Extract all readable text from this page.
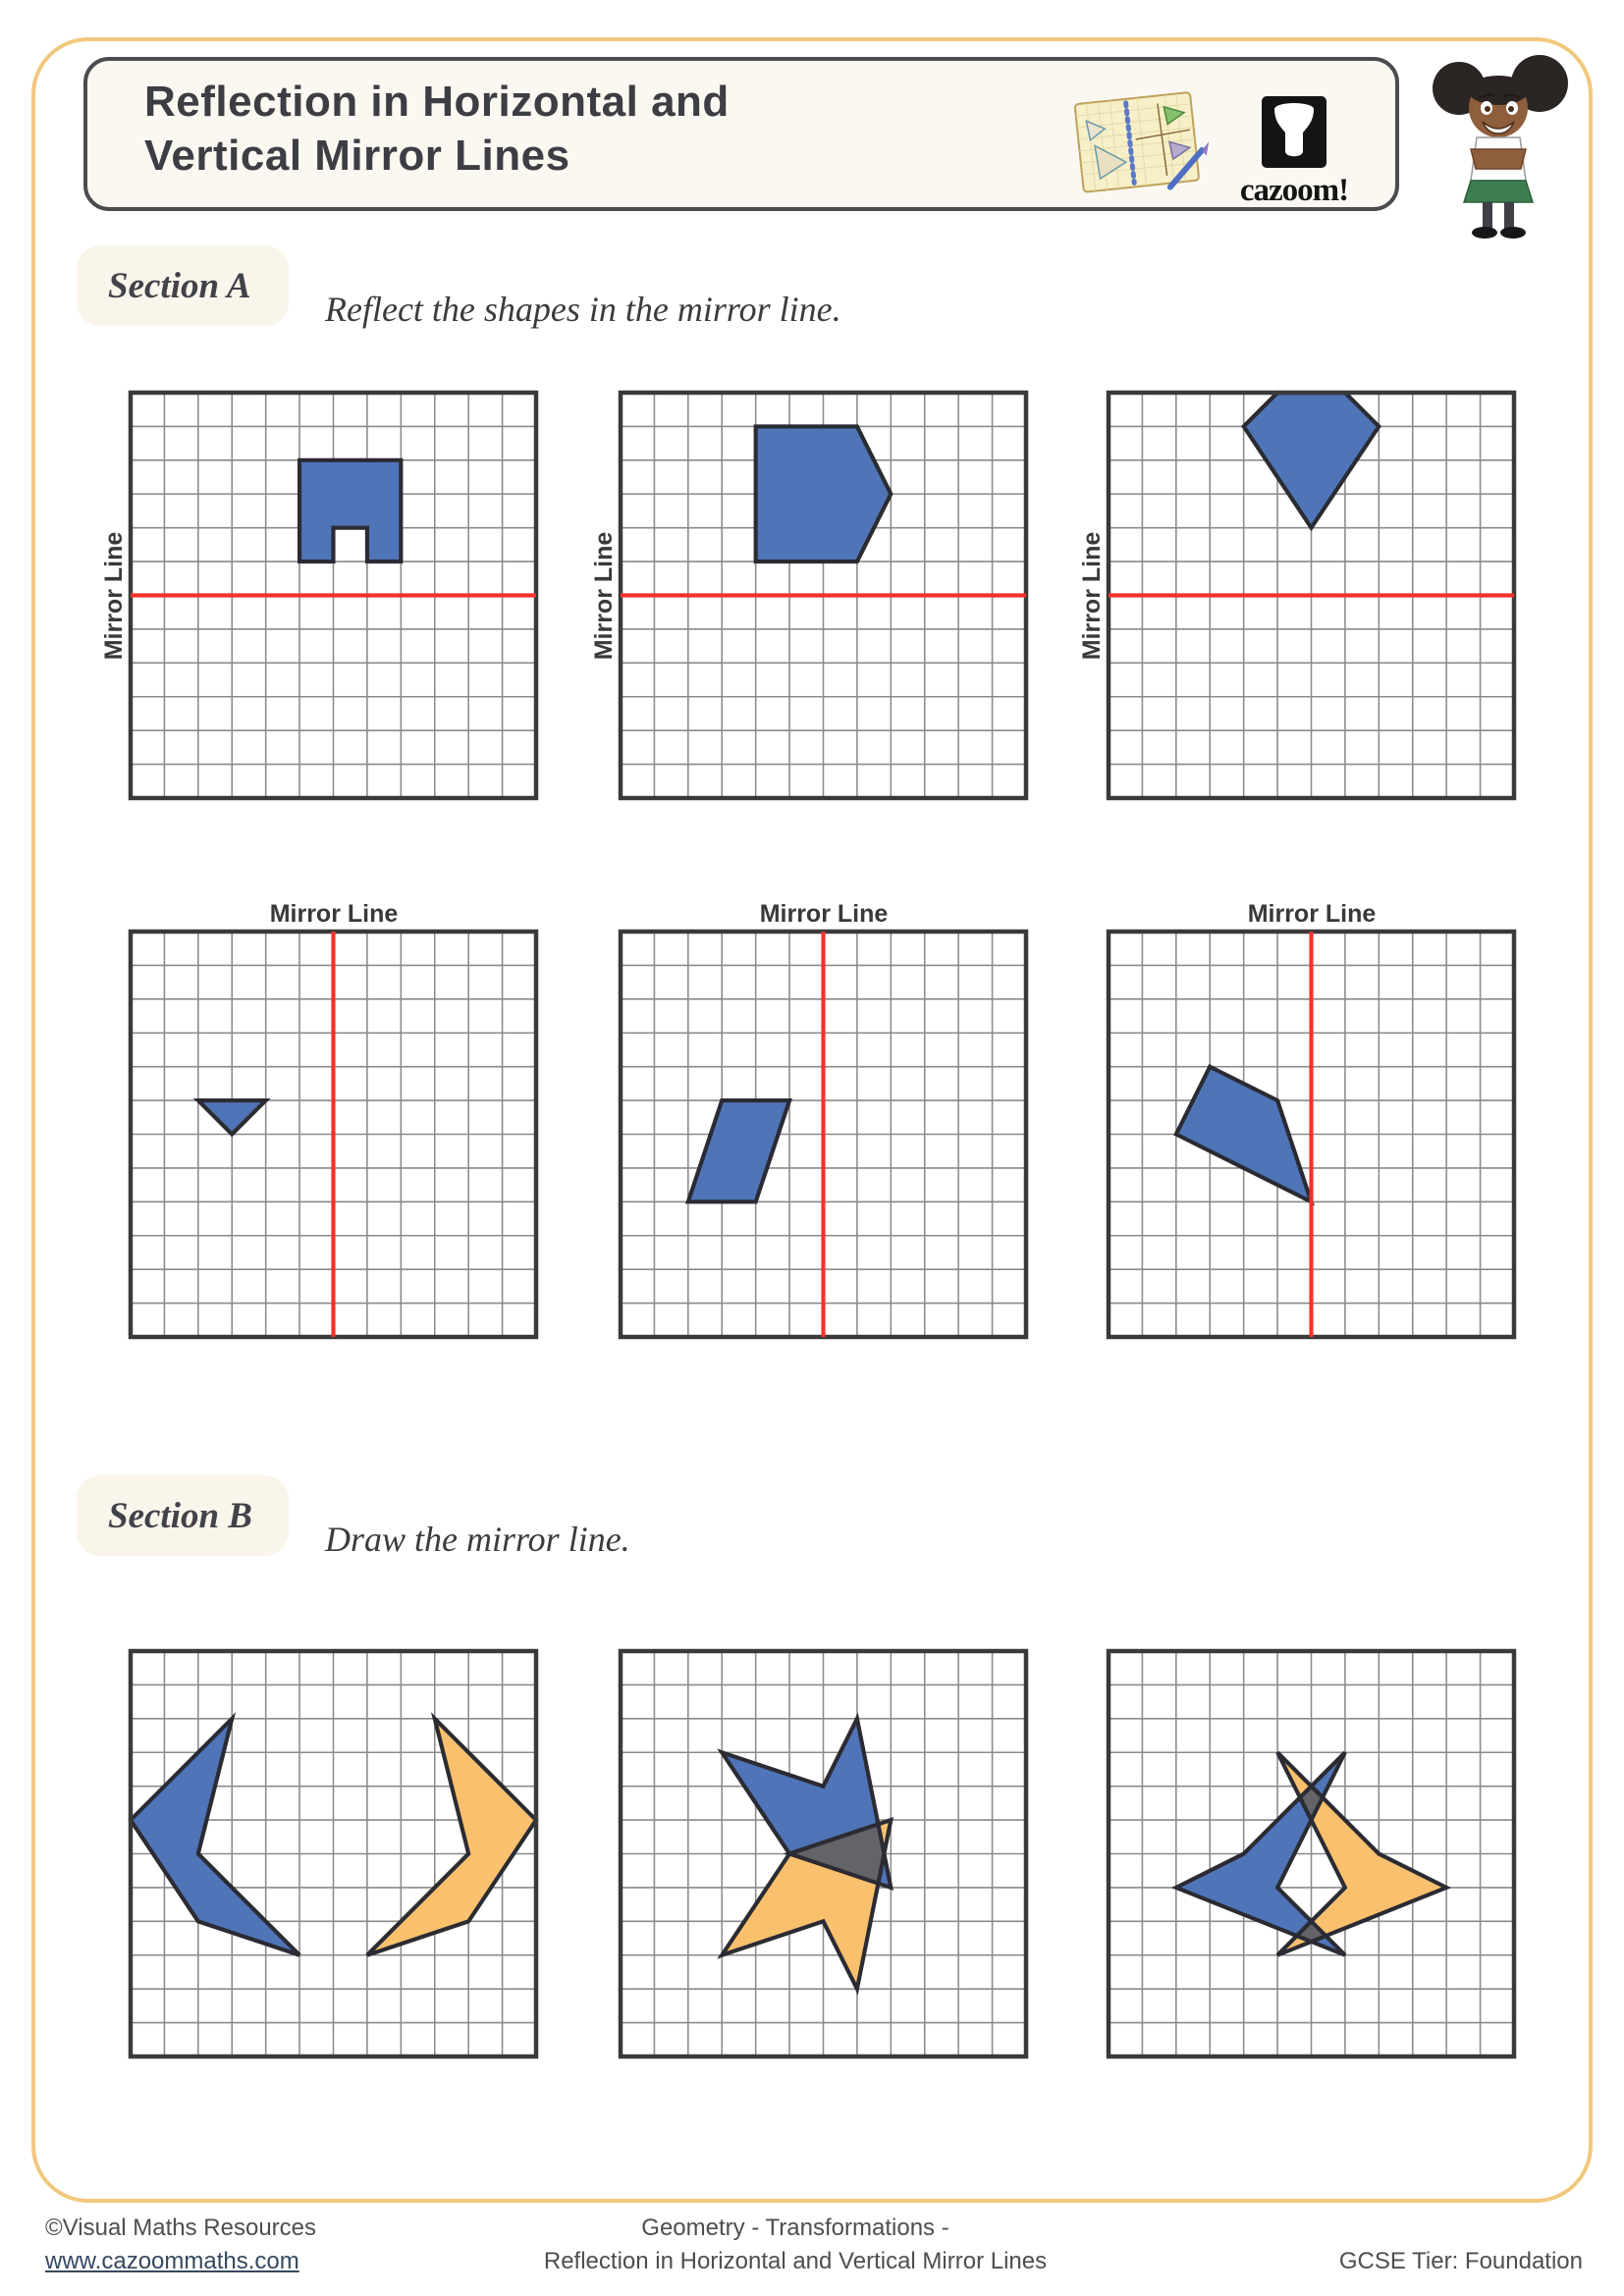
Reflection in Horizontal and
Vertical Mirror Lines
cazoom!
Section A
Reflect the shapes in the mirror line.
Section B
Draw the mirror line.
Mirror Line	Mirror Line	Mirror Line
Mirror Line	Mirror Line	Mirror Line
©Visual Maths Resources
www.cazoommaths.com
Geometry - Transformations -
Reflection in Horizontal and Vertical Mirror Lines	GCSE Tier: Foundation
